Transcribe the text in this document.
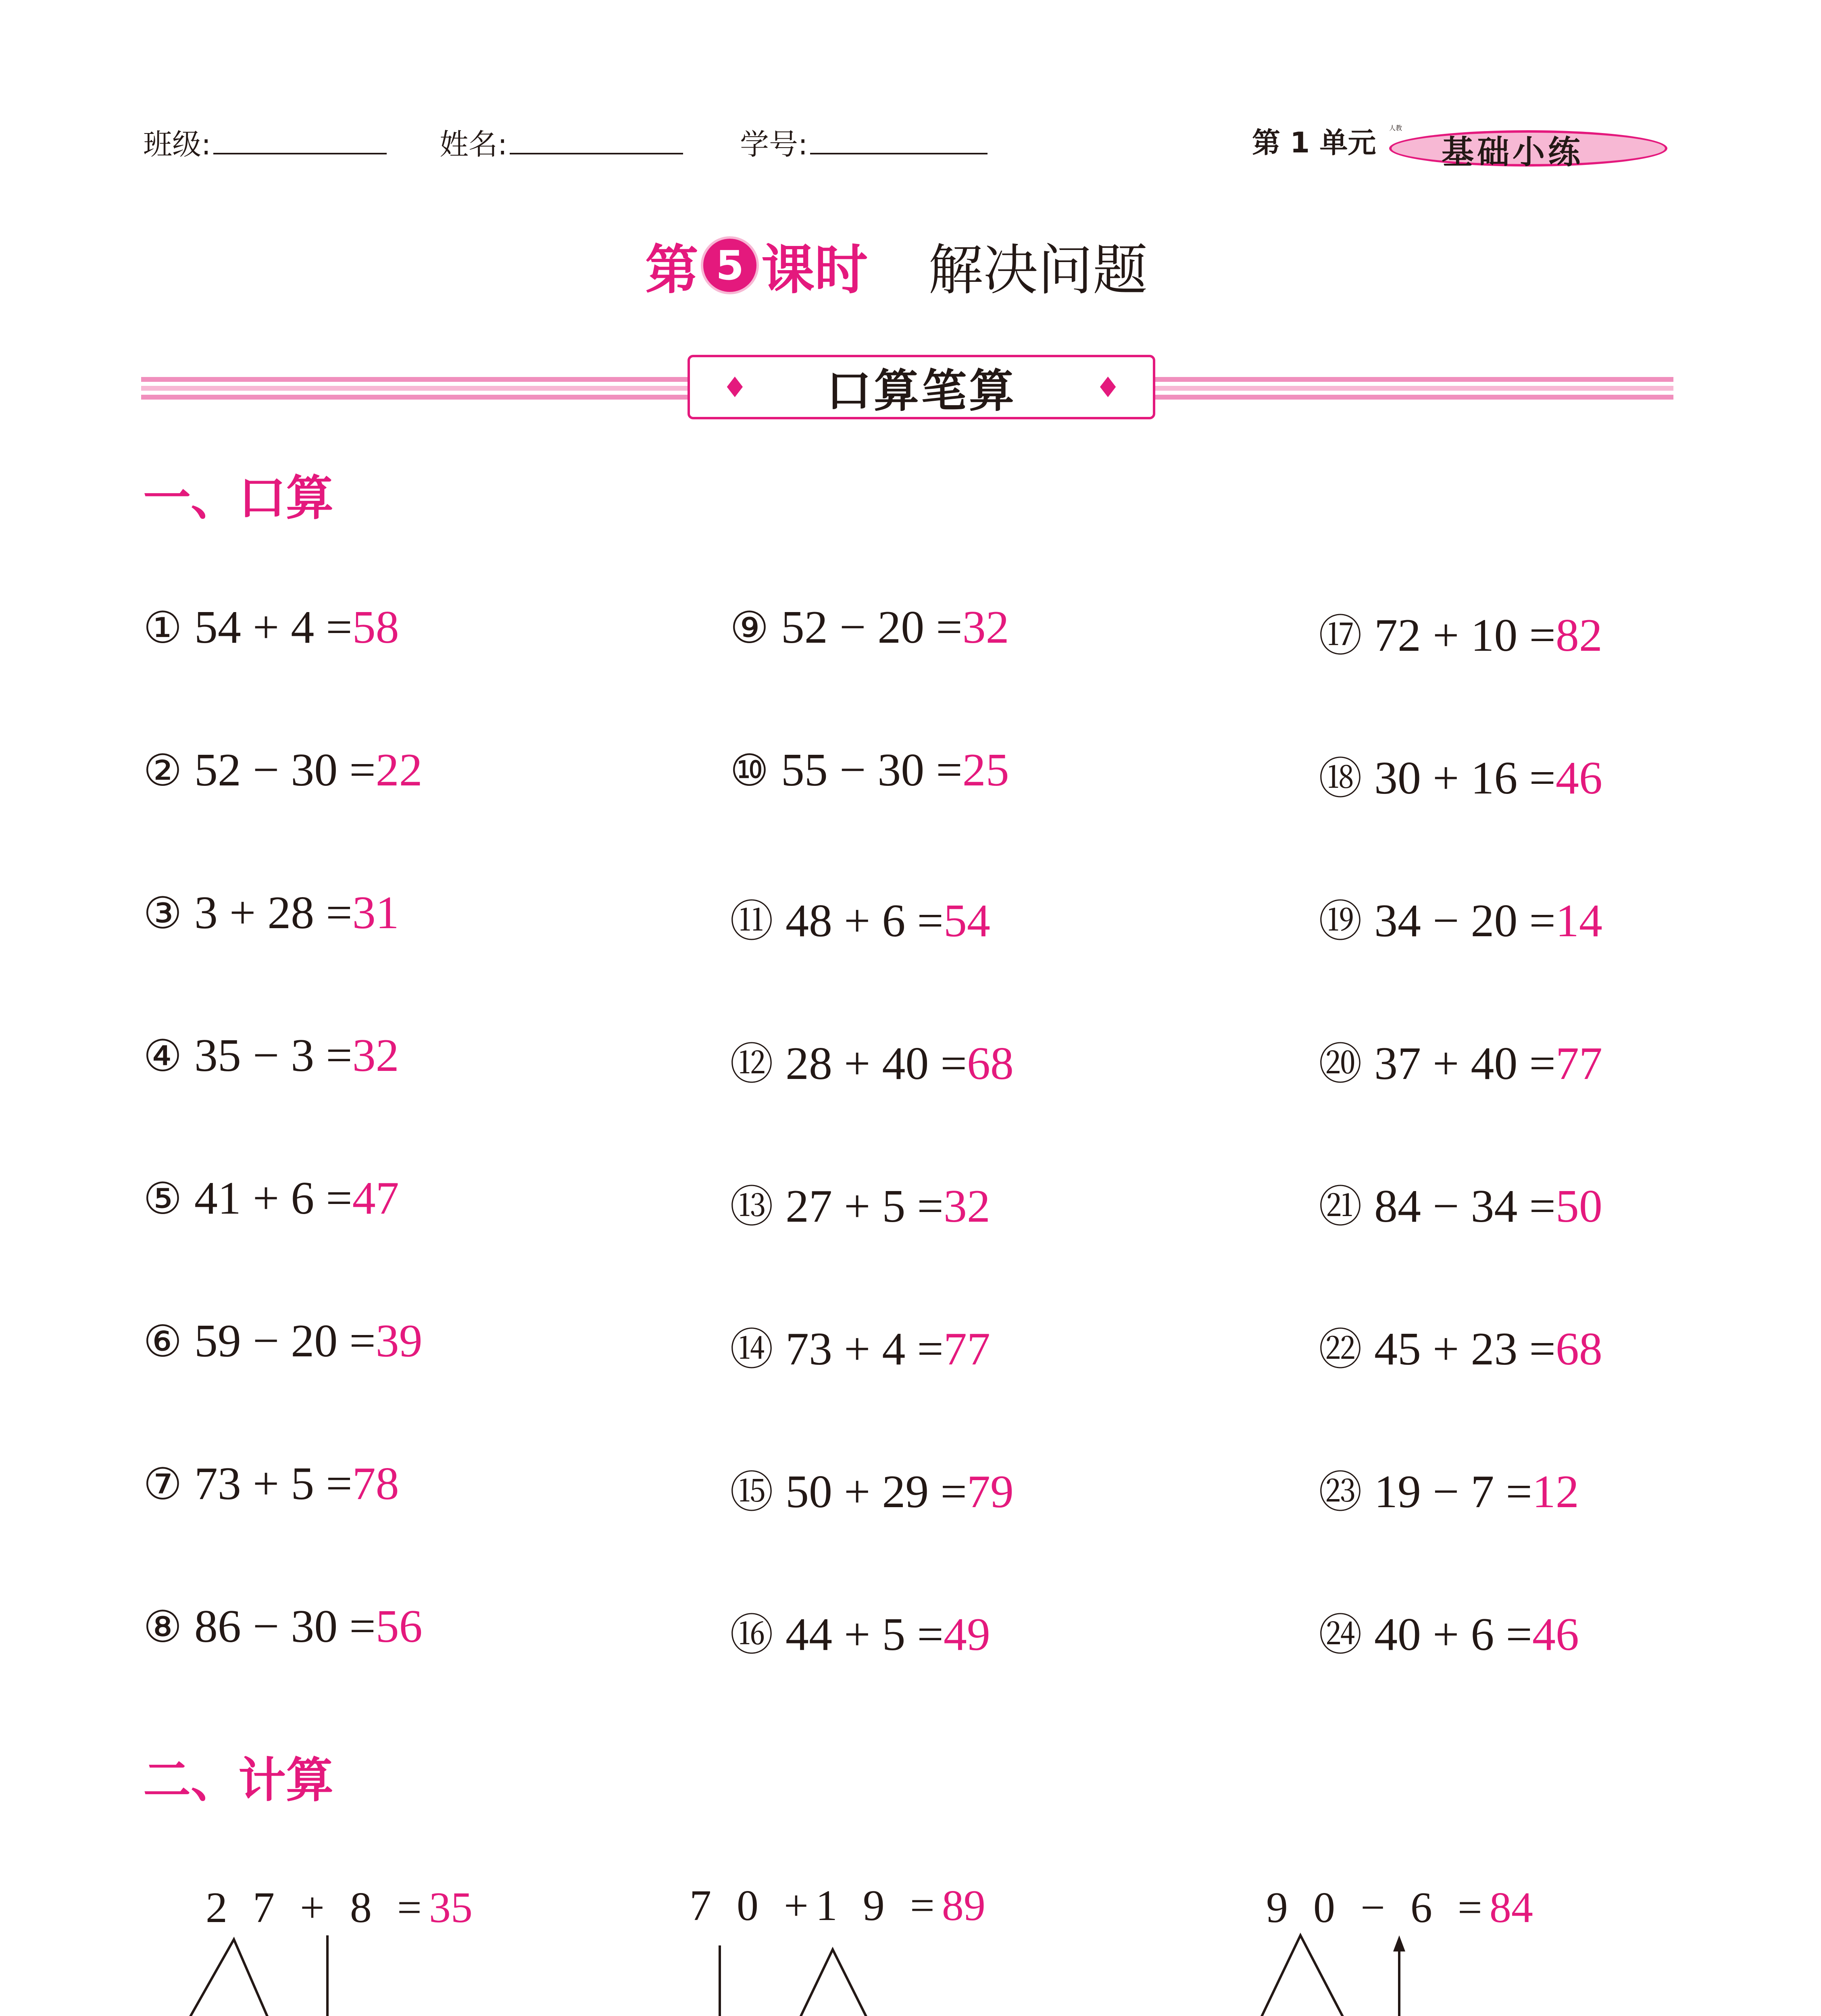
班级:	姓名:	学号:	第 1 单元 基础小练
人教
第 5 课时 解决问题
♦ 口算笔算	♦
一、口算
① 54 + 4 =58
② 52 − 30 =22
③ 3 + 28 =31
④ 35 − 3 =32
⑤ 41 + 6 =47
⑥ 59 − 20 =39
⑦ 73 + 5 =78
⑧ 86 − 30 =56
⑨ 52 − 20 =32
⑩ 55 − 30 =25
⑪ 48 + 6 =54
⑫ 28 + 40 =68
⑬ 27 + 5 =32
⑭ 73 + 4 =77
⑮ 50 + 29 =79
⑯ 44 + 5 =49
⑰ 72 + 10 =82
⑱ 30 + 16 =46
⑲ 34 − 20 =14
⑳ 37 + 40 =77
㉑ 84 − 34 =50
㉒ 45 + 23 =68
㉓ 19 − 7 =12
㉔ 40 + 6 =46
二、计算
2 7 + 8 =35	7 0 +1 9 =89	9 0 − 6 =84
